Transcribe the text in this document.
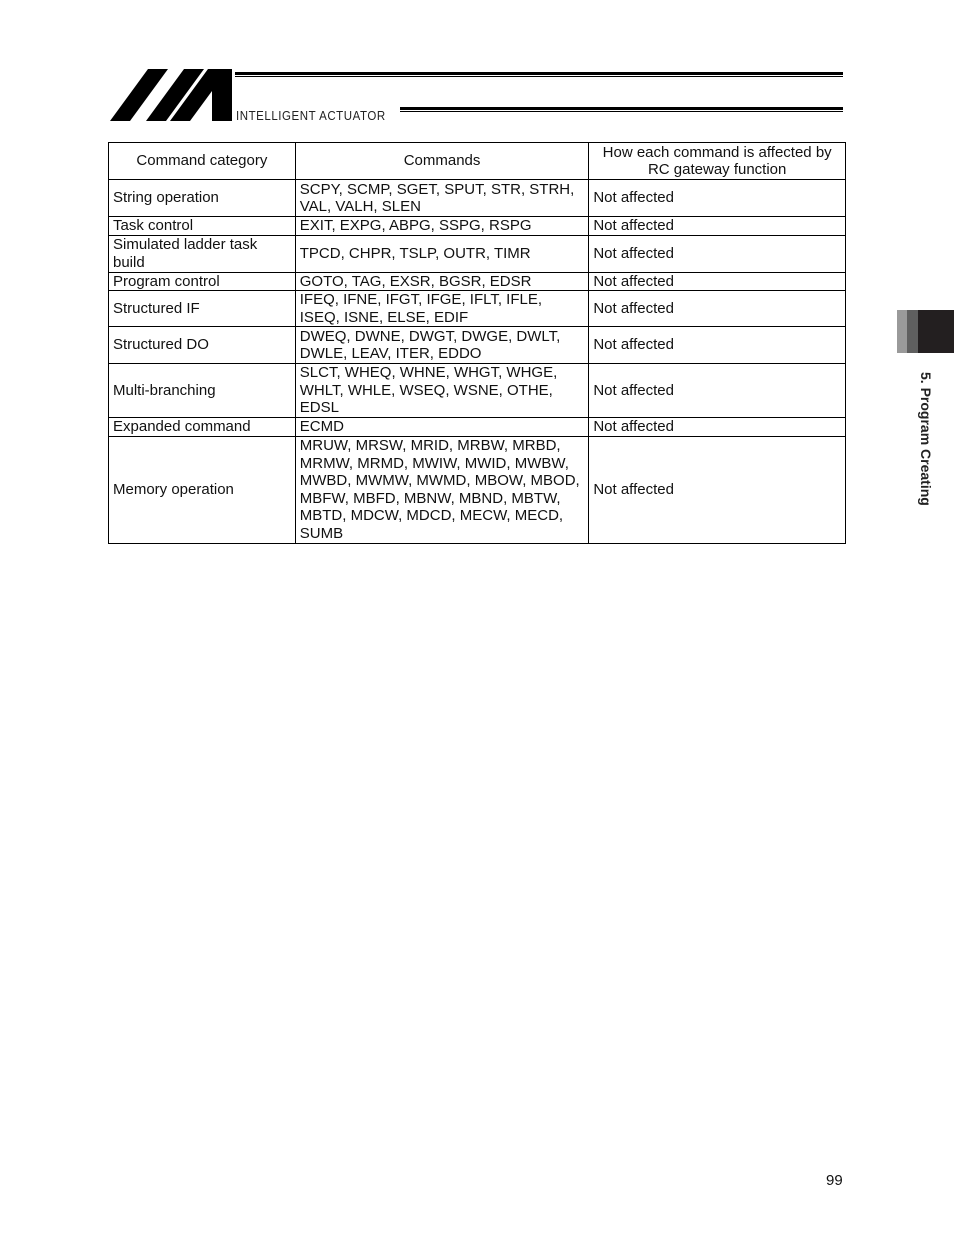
INTELLIGENT ACTUATOR
Command category	Commands	How each command is affected by RC gateway function
String operation	SCPY, SCMP, SGET, SPUT, STR, STRH, VAL, VALH, SLEN	Not affected
Task control	EXIT, EXPG, ABPG, SSPG, RSPG	Not affected
Simulated ladder task build	TPCD, CHPR, TSLP, OUTR, TIMR	Not affected
Program control	GOTO, TAG, EXSR, BGSR, EDSR	Not affected
Structured IF	IFEQ, IFNE, IFGT, IFGE, IFLT, IFLE, ISEQ, ISNE, ELSE, EDIF	Not affected
Structured DO	DWEQ, DWNE, DWGT, DWGE, DWLT, DWLE, LEAV, ITER, EDDO	Not affected
Multi-branching	SLCT, WHEQ, WHNE, WHGT, WHGE, WHLT, WHLE, WSEQ, WSNE, OTHE, EDSL	Not affected
Expanded command	ECMD	Not affected
Memory operation	MRUW, MRSW, MRID, MRBW, MRBD, MRMW, MRMD, MWIW, MWID, MWBW, MWBD, MWMW, MWMD, MBOW, MBOD, MBFW, MBFD, MBNW, MBND, MBTW, MBTD, MDCW, MDCD, MECW, MECD, SUMB	Not affected	5. Program Creating
99
